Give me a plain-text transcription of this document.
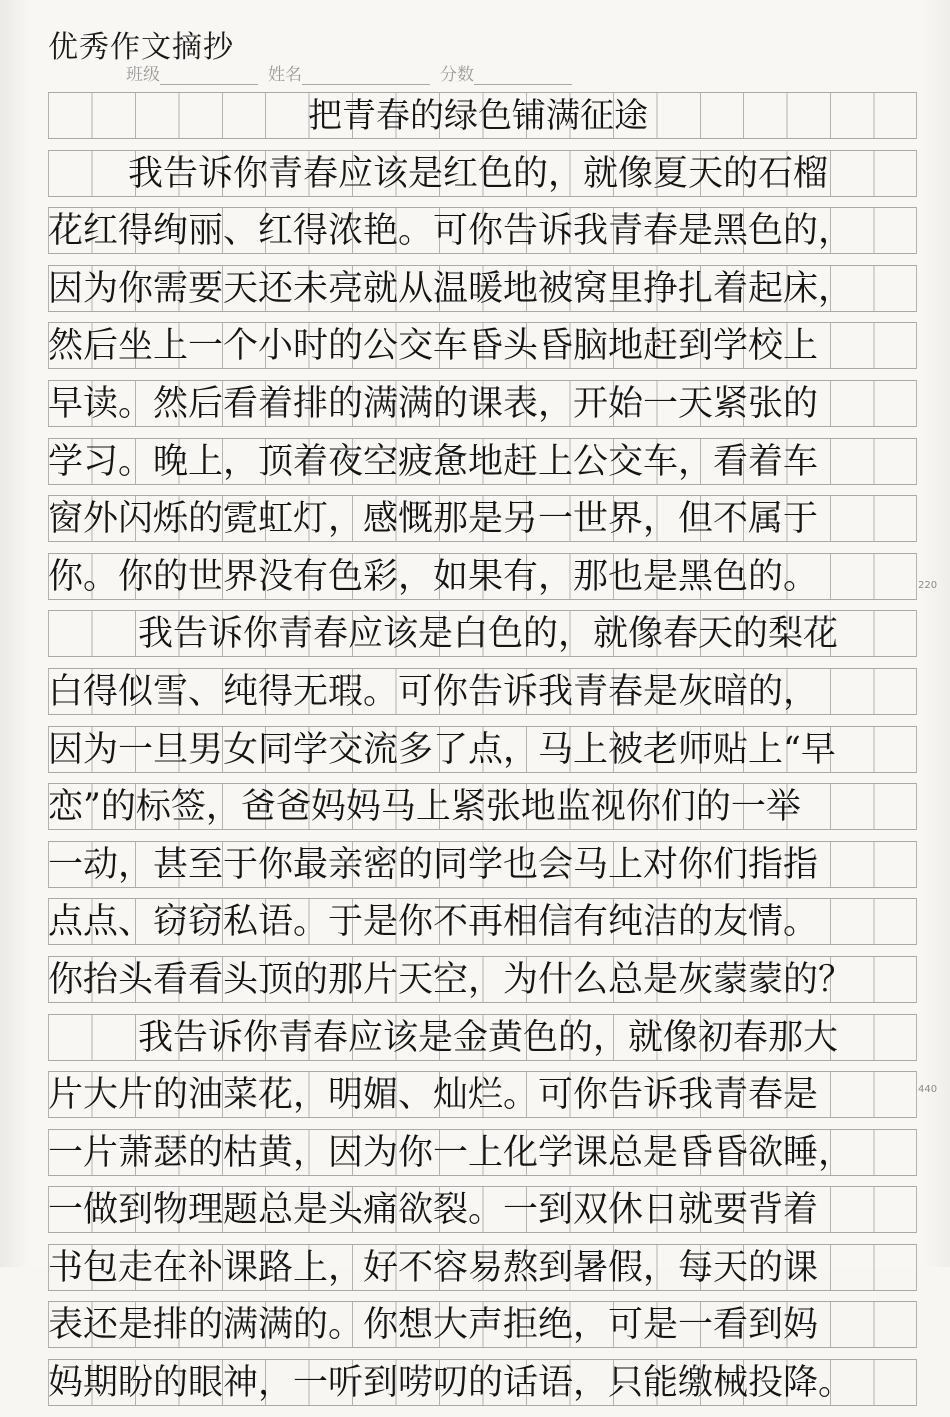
优秀作文摘抄
班级	姓名	分数
把青春的绿色铺满征途
我告诉你青春应该是红色的，就像夏天的石榴
花红得绚丽、红得浓艳。可你告诉我青春是黑色的，
因为你需要天还未亮就从温暖地被窝里挣扎着起床，
然后坐上一个小时的公交车昏头昏脑地赶到学校上
早读。然后看着排的满满的课表，开始一天紧张的
学习。晚上，顶着夜空疲惫地赶上公交车，看着车
窗外闪烁的霓虹灯，感慨那是另一世界，但不属于
你。你的世界没有色彩，如果有，那也是黑色的。
我告诉你青春应该是白色的，就像春天的梨花
白得似雪、纯得无瑕。可你告诉我青春是灰暗的，
因为一旦男女同学交流多了点，马上被老师贴上“早
恋”的标签，爸爸妈妈马上紧张地监视你们的一举
一动，甚至于你最亲密的同学也会马上对你们指指
点点、窃窃私语。于是你不再相信有纯洁的友情。
你抬头看看头顶的那片天空，为什么总是灰蒙蒙的？
我告诉你青春应该是金黄色的，就像初春那大
片大片的油菜花，明媚、灿烂。可你告诉我青春是
一片萧瑟的枯黄，因为你一上化学课总是昏昏欲睡，
一做到物理题总是头痛欲裂。一到双休日就要背着
书包走在补课路上，好不容易熬到暑假，每天的课
表还是排的满满的。你想大声拒绝，可是一看到妈
妈期盼的眼神，一听到唠叨的话语，只能缴械投降。
220
440
